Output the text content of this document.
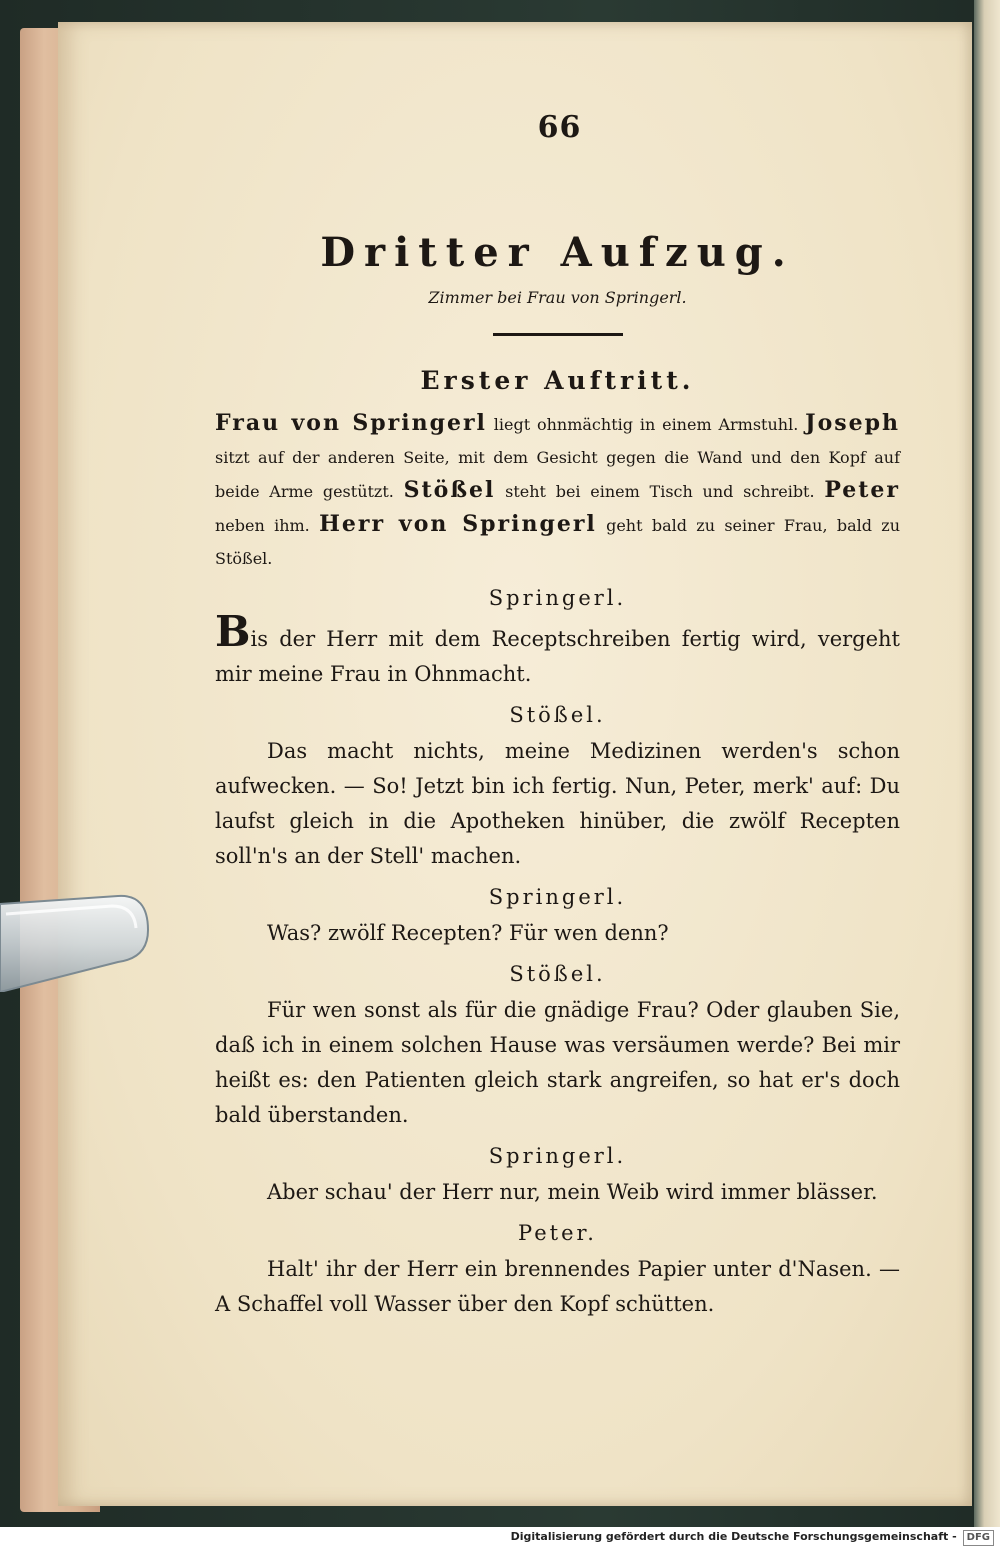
66
Dritter Aufzug.
Zimmer bei Frau von Springerl.
Erster Auftritt.

Frau von Springerl liegt ohnmächtig in einem Armstuhl. Joseph sitzt auf der anderen Seite, mit dem Gesicht gegen die Wand und den Kopf auf beide Arme gestützt. Stößel steht bei einem Tisch und schreibt. Peter neben ihm. Herr von Springerl geht bald zu seiner Frau, bald zu Stößel.

Springerl.

Bis der Herr mit dem Receptschreiben fertig wird, vergeht mir meine Frau in Ohnmacht.

Stößel.

Das macht nichts, meine Medizinen werden's schon aufwecken. — So! Jetzt bin ich fertig. Nun, Peter, merk' auf: Du laufst gleich in die Apotheken hinüber, die zwölf Recepten soll'n's an der Stell' machen.

Springerl.

Was? zwölf Recepten? Für wen denn?

Stößel.

Für wen sonst als für die gnädige Frau? Oder glauben Sie, daß ich in einem solchen Hause was versäumen werde? Bei mir heißt es: den Patienten gleich stark angreifen, so hat er's doch bald überstanden.

Springerl.

Aber schau' der Herr nur, mein Weib wird immer blässer.

Peter.

Halt' ihr der Herr ein brennendes Papier unter d'Nasen. — A Schaffel voll Wasser über den Kopf schütten.

Digitalisierung gefördert durch die Deutsche Forschungsgemeinschaft - DFG
